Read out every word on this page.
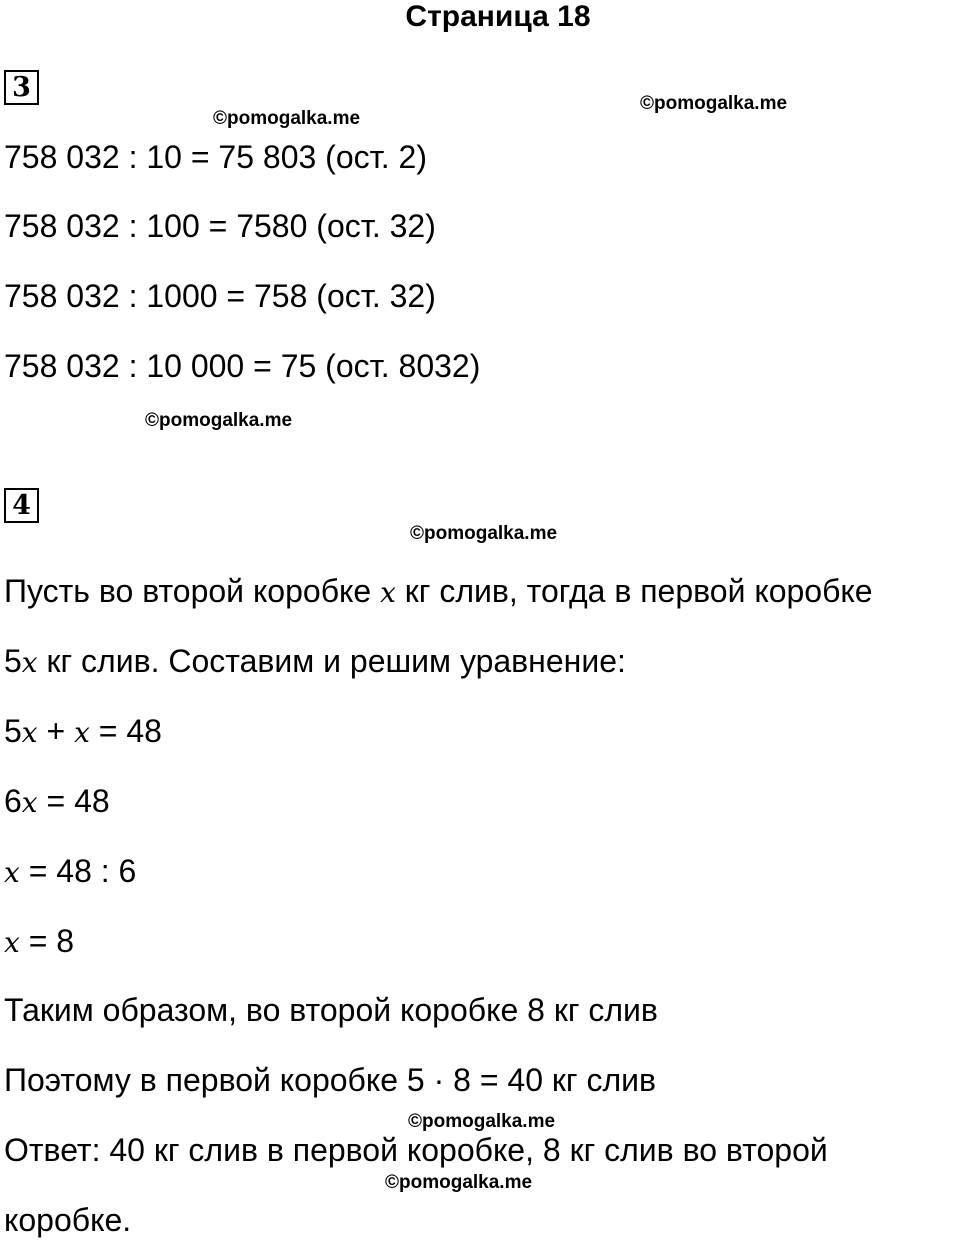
Страница 18
3
©pomogalka.me
©pomogalka.me
758 032 : 10 = 75 803 (ост. 2)
758 032 : 100 = 7580 (ост. 32)
758 032 : 1000 = 758 (ост. 32)
758 032 : 10 000 = 75 (ост. 8032)
©pomogalka.me
4
©pomogalka.me
Пусть во второй коробке x кг слив, тогда в первой коробке
5x кг слив. Составим и решим уравнение:
5x + x = 48
6x = 48
x = 48 : 6
x = 8
Таким образом, во второй коробке 8 кг слив
Поэтому в первой коробке 5 · 8 = 40 кг слив
©pomogalka.me
Ответ: 40 кг слив в первой коробке, 8 кг слив во второй
©pomogalka.me
коробке.
